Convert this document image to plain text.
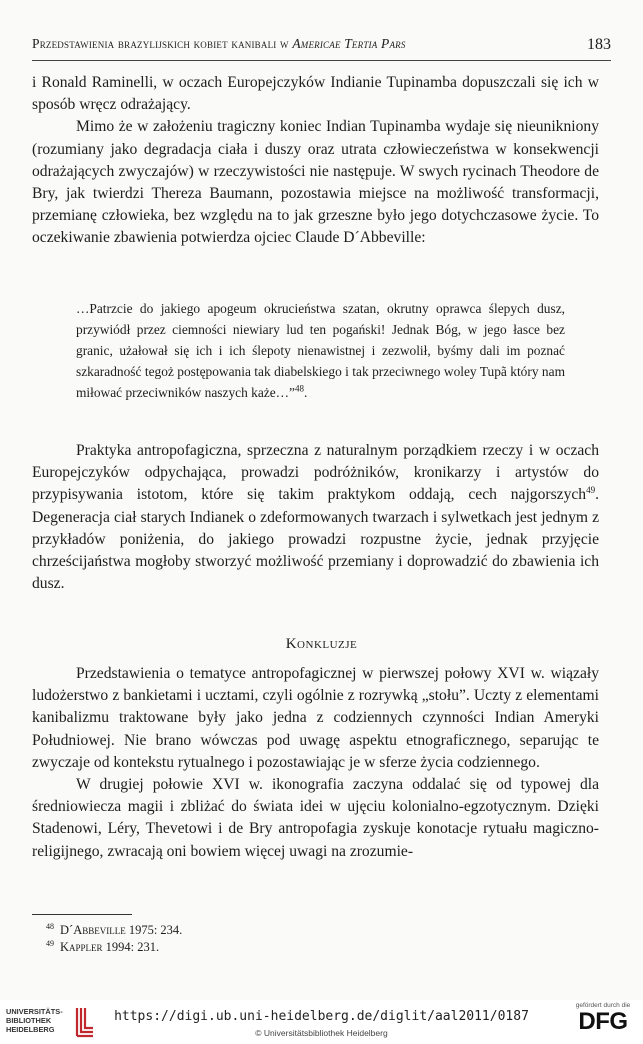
Przedstawienia brazylijskich kobiet kanibali w Americae Tertia Pars	183

i Ronald Raminelli, w oczach Europejczyków Indianie Tupinamba dopuszczali się ich w sposób wręcz odrażający.

Mimo że w założeniu tragiczny koniec Indian Tupinamba wydaje się nieunikniony (rozumiany jako degradacja ciała i duszy oraz utrata człowieczeństwa w konsekwencji odrażających zwyczajów) w rzeczywistości nie następuje. W swych rycinach Theodore de Bry, jak twierdzi Thereza Baumann, pozostawia miejsce na możliwość transformacji, przemianę człowieka, bez względu na to jak grzeszne było jego dotychczasowe życie. To oczekiwanie zbawienia potwierdza ojciec Claude D´Abbeville:

…Patrzcie do jakiego apogeum okrucieństwa szatan, okrutny oprawca ślepych dusz, przywiódł przez ciemności niewiary lud ten pogański! Jednak Bóg, w jego łasce bez granic, użałował się ich i ich ślepoty nienawistnej i zezwolił, byśmy dali im poznać szkaradność tegoż postępowania tak diabelskiego i tak przeciwnego woley Tupã który nam miłować przeciwników naszych każe…”$^{48}$.

Praktyka antropofagiczna, sprzeczna z naturalnym porządkiem rzeczy i w oczach Europejczyków odpychająca, prowadzi podróżników, kronikarzy i artystów do przypisywania istotom, które się takim praktykom oddają, cech najgorszych$^{49}$. Degeneracja ciał starych Indianek o zdeformowanych twarzach i sylwetkach jest jednym z przykładów poniżenia, do jakiego prowadzi rozpustne życie, jednak przyjęcie chrześcijaństwa mogłoby stworzyć możliwość przemiany i doprowadzić do zbawienia ich dusz.

Konkluzje

Przedstawienia o tematyce antropofagicznej w pierwszej połowy XVI w. wiązały ludożerstwo z bankietami i ucztami, czyli ogólnie z rozrywką „stołu”. Uczty z elementami kanibalizmu traktowane były jako jedna z codziennych czynności Indian Ameryki Południowej. Nie brano wówczas pod uwagę aspektu etnograficznego, separując te zwyczaje od kontekstu rytualnego i pozostawiając je w sferze życia codziennego.

W drugiej połowie XVI w. ikonografia zaczyna oddalać się od typowej dla średniowiecza magii i zbliżać do świata idei w ujęciu kolonialno-egzotycznym. Dzięki Stadenowi, Léry, Thevetowi i de Bry antropofagia zyskuje konotacje rytuału magiczno-religijnego, zwracają oni bowiem więcej uwagi na zrozumie-

$^{48}$ D´Abbeville 1975: 234.
$^{49}$ Kappler 1994: 231.
UNIVERSITÄTS-
BIBLIOTHEK
HEIDELBERG
https://digi.ub.uni-heidelberg.de/diglit/aal2011/0187
© Universitätsbibliothek Heidelberg
gefördert durch die
DFG
